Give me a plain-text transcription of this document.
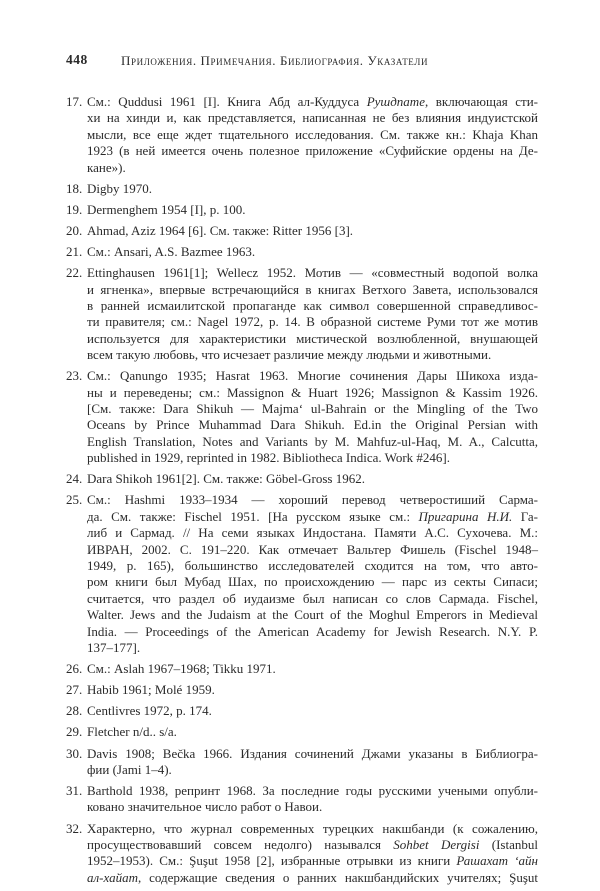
448	Приложения. Примечания. Библиография. Указатели
17. См.: Quddusi 1961 [I]. Книга Абд ал-Куддуса Рушдname, включающая сти-
хи на хинди и, как представляется, написанная не без влияния индуистской
мысли, все еще ждет тщательного исследования. См. также кн.: Khaja Khan
1923 (в ней имеется очень полезное приложение «Суфийские ордены на Де-
кане»).
18. Digby 1970.
19. Dermenghem 1954 [I], p. 100.
20. Ahmad, Aziz 1964 [6]. См. также: Ritter 1956 [3].
21. См.: Ansari, A.S. Bazmee 1963.
22. Ettinghausen 1961[1]; Wellecz 1952. Мотив — «совместный водопой волка
и ягненка», впервые встречающийся в книгах Ветхого Завета, использовался
в ранней исмаилитской пропаганде как символ совершенной справедливос-
ти правителя; см.: Nagel 1972, p. 14. В образной системе Руми тот же мотив
используется для характеристики мистической возлюбленной, внушающей
всем такую любовь, что исчезает различие между людьми и животными.
23. См.: Qanungo 1935; Hasrat 1963. Многие сочинения Дары Шикоха изда-
ны и переведены; см.: Massignon & Huart 1926; Massignon & Kassim 1926.
[См. также: Dara Shikuh — Majma‘ ul-Bahrain or the Mingling of the Two
Oceans by Prince Muhammad Dara Shikuh. Ed.in the Original Persian with
English Translation, Notes and Variants by M. Mahfuz-ul-Haq, M. A., Calcutta,
published in 1929, reprinted in 1982. Bibliotheca Indica. Work #246].
24. Dara Shikoh 1961[2]. См. также: Göbel-Gross 1962.
25. См.: Hashmi 1933–1934 — хороший перевод четверостиший Сарма-
да. См. также: Fischel 1951. [На русском языке см.: Пригарина Н.И. Га-
либ и Сармад. // На семи языках Индостана. Памяти А.С. Сухочева. М.:
ИВРАН, 2002. С. 191–220. Как отмечает Вальтер Фишель (Fischel 1948–
1949, p. 165), большинство исследователей сходится на том, что авто-
ром книги был Мубад Шах, по происхождению — парс из секты Сипаси;
считается, что раздел об иудаизме был написан со слов Сармада. Fischel,
Walter. Jews and the Judaism at the Court of the Moghul Emperors in Medieval
India. — Proceedings of the American Academy for Jewish Research. N.Y. P.
137–177].
26. См.: Aslah 1967–1968; Tikku 1971.
27. Habib 1961; Molé 1959.
28. Centlivres 1972, p. 174.
29. Fletcher n/d.. s/a.
30. Davis 1908; Bečka 1966. Издания сочинений Джами указаны в Библиогра-
фии (Jami 1–4).
31. Barthold 1938, репринт 1968. За последние годы русскими учеными опубли-
ковано значительное число работ о Навои.
32. Характерно, что журнал современных турецких накшбанди (к сожалению,
просуществовавший совсем недолго) назывался Sohbet Dergisi (Istanbul
1952–1953). См.: Şuşut 1958 [2], избранные отрывки из книги Рашахат ‘айн
ал-хайат, содержащие сведения о ранних накшбандийских учителях; Şuşut
